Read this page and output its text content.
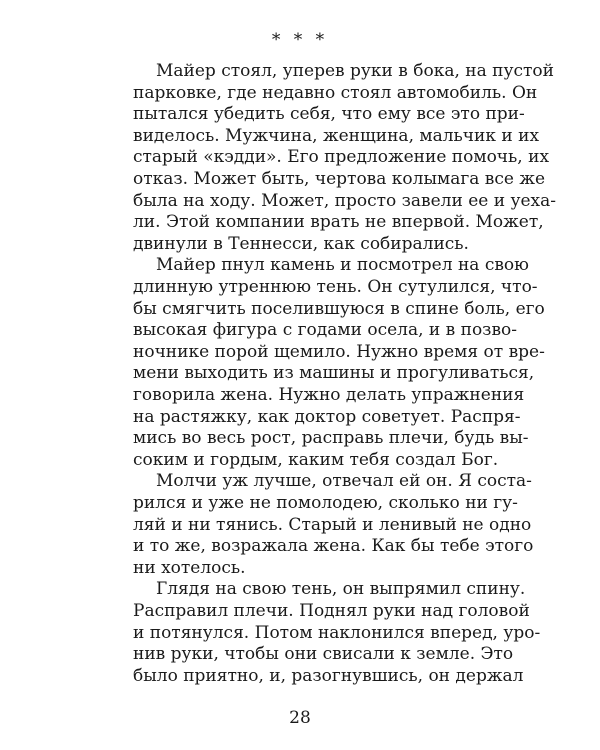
* * *
Майер стоял, уперев руки в бока, на пустой
парковке, где недавно стоял автомобиль. Он
пытался убедить себя, что ему все это при-
виделось. Мужчина, женщина, мальчик и их
старый «кэдди». Его предложение помочь, их
отказ. Может быть, чертова колымага все же
была на ходу. Может, просто завели ее и уеха-
ли. Этой компании врать не впервой. Может,
двинули в Теннесси, как собирались.
Майер пнул камень и посмотрел на свою
длинную утреннюю тень. Он сутулился, что-
бы смягчить поселившуюся в спине боль, его
высокая фигура с годами осела, и в позво-
ночнике порой щемило. Нужно время от вре-
мени выходить из машины и прогуливаться,
говорила жена. Нужно делать упражнения
на растяжку, как доктор советует. Распря-
мись во весь рост, расправь плечи, будь вы-
соким и гордым, каким тебя создал Бог.
Молчи уж лучше, отвечал ей он. Я соста-
рился и уже не помолодею, сколько ни гу-
ляй и ни тянись. Старый и ленивый не одно
и то же, возражала жена. Как бы тебе этого
ни хотелось.
Глядя на свою тень, он выпрямил спину.
Расправил плечи. Поднял руки над головой
и потянулся. Потом наклонился вперед, уро-
нив руки, чтобы они свисали к земле. Это
было приятно, и, разогнувшись, он держал
28
